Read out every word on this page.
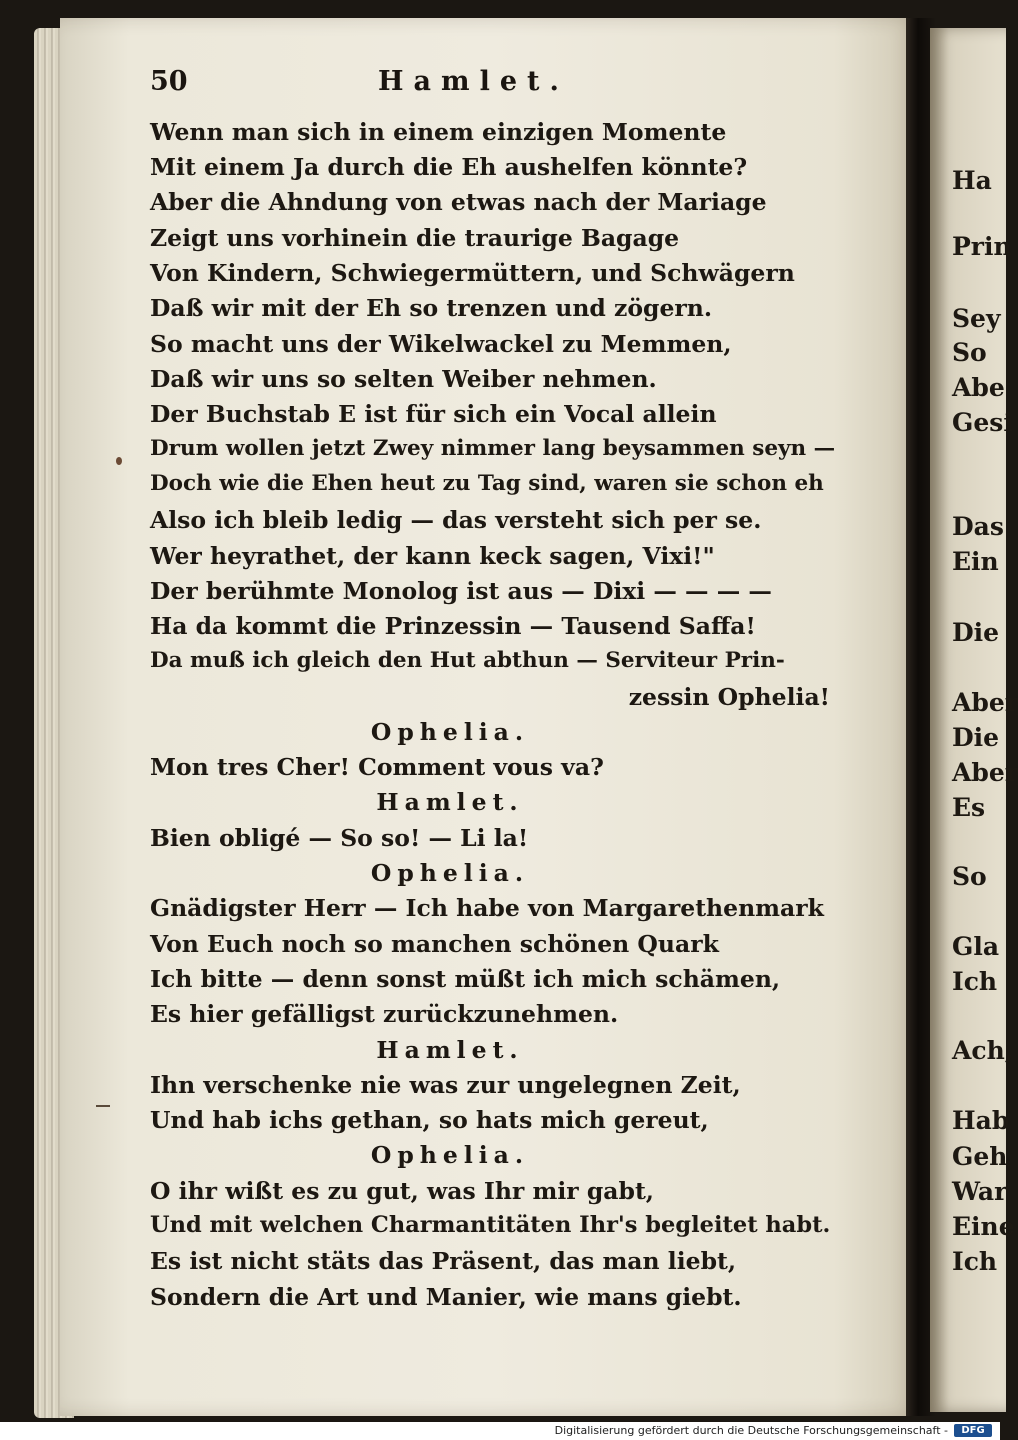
Ha
Prin
Sey
So
Abe
Gesi
Das
Ein
Die
Aber
Die
Aber
Es
So
Gla
Ich
Ach,
Hab
Geh
War
Eine
Ich
50	Hamlet.
Wenn man sich in einem einzigen Momente
Mit einem Ja durch die Eh aushelfen könnte?
Aber die Ahndung von etwas nach der Mariage
Zeigt uns vorhinein die traurige Bagage
Von Kindern, Schwiegermüttern, und Schwägern
Daß wir mit der Eh so trenzen und zögern.
So macht uns der Wikelwackel zu Memmen,
Daß wir uns so selten Weiber nehmen.
Der Buchstab E ist für sich ein Vocal allein
Drum wollen jetzt Zwey nimmer lang beysammen seyn —
Doch wie die Ehen heut zu Tag sind, waren sie schon eh
Also ich bleib ledig — das versteht sich per se.
Wer heyrathet, der kann keck sagen, Vixi!"
Der berühmte Monolog ist aus — Dixi — — — —
Ha da kommt die Prinzessin — Tausend Saffa!
Da muß ich gleich den Hut abthun — Serviteur Prin-
zessin Ophelia!
Ophelia.
Mon tres Cher! Comment vous va?
Hamlet.
Bien obligé — So so! — Li la!
Ophelia.
Gnädigster Herr — Ich habe von Margarethenmark
Von Euch noch so manchen schönen Quark
Ich bitte — denn sonst müßt ich mich schämen,
Es hier gefälligst zurückzunehmen.
Hamlet.
Ihn verschenke nie was zur ungelegnen Zeit,
Und hab ichs gethan, so hats mich gereut,
Ophelia.
O ihr wißt es zu gut, was Ihr mir gabt,
Und mit welchen Charmantitäten Ihr's begleitet habt.
Es ist nicht stäts das Präsent, das man liebt,
Sondern die Art und Manier, wie mans giebt.
Digitalisierung gefördert durch die Deutsche Forschungsgemeinschaft -	DFG
